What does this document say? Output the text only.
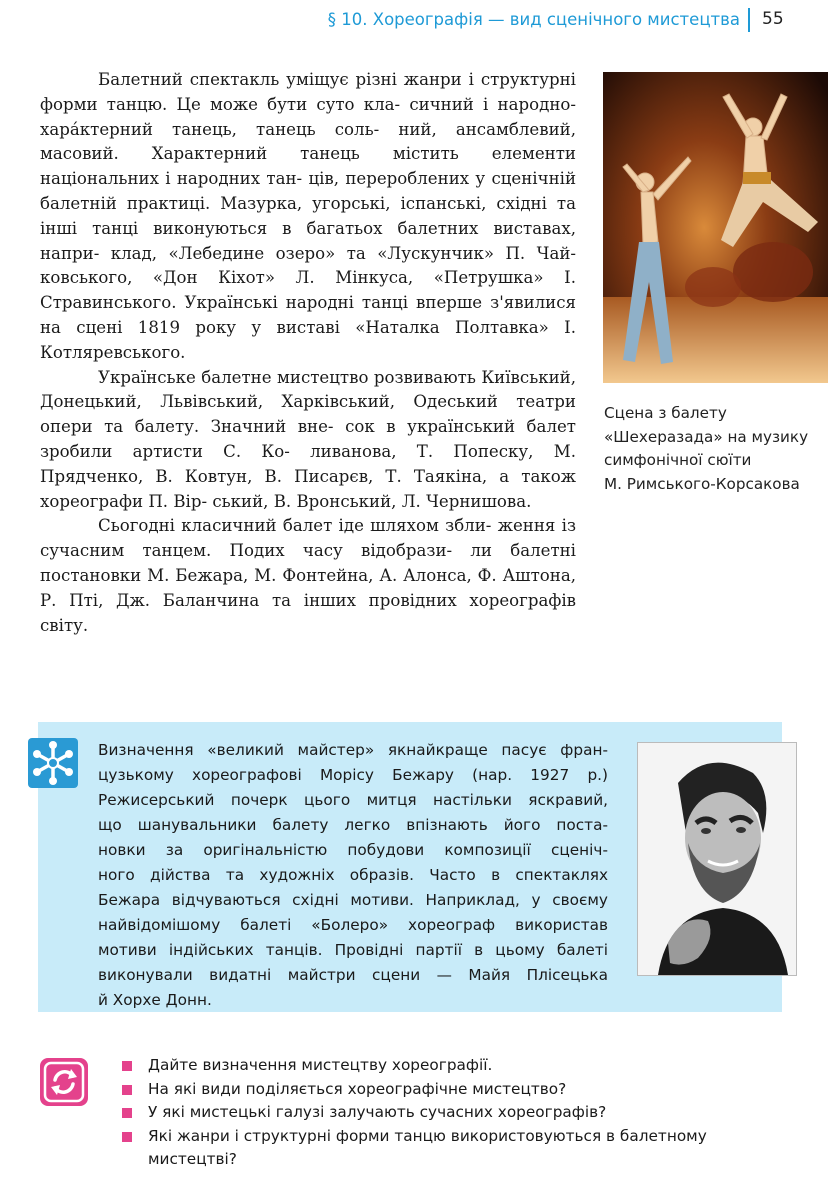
§ 10. Хореографія — вид сценічного мистецтва 55

Балетний спектакль уміщує різні жанри і структурні форми танцю. Це може бути суто кла- сичний і народно-хара́ктерний танець, танець соль- ний, ансамблевий, масовий. Характерний танець містить елементи національних і народних тан- ців, перероблених у сценічній балетній практиці. Мазурка, угорські, іспанські, східні та інші танці виконуються в багатьох балетних виставах, напри- клад, «Лебедине озеро» та «Лускунчик» П. Чай- ковського, «Дон Кіхот» Л. Мінкуса, «Петрушка» І. Стравинського. Українські народні танці вперше з'явилися на сцені 1819 року у виставі «Наталка Полтавка» І. Котляревського.

Українське балетне мистецтво розвивають Київський, Донецький, Львівський, Харківський, Одеський театри опери та балету. Значний вне- сок в український балет зробили артисти С. Ко- ливанова, Т. Попеску, М. Прядченко, В. Ковтун, В. Писарєв, Т. Таякіна, а також хореографи П. Вір- ський, В. Вронський, Л. Чернишова.

Сьогодні класичний балет іде шляхом збли- ження із сучасним танцем. Подих часу відобрази- ли балетні постановки М. Бежара, М. Фонтейна, А. Алонса, Ф. Аштона, Р. Пті, Дж. Баланчина та інших провідних хореографів світу.

Сцена з балету
«Шехеразада» на музику
симфонічної сюїти
М. Римського-Корсакова
Визначення «великий майстер» якнайкраще пасує фран-
цузькому хореографові Морісу Бежару (нар. 1927 р.)
Режисерський почерк цього митця настільки яскравий,
що шанувальники балету легко впізнають його поста-
новки за оригінальністю побудови композиції сценіч-
ного дійства та художніх образів. Часто в спектаклях
Бежара відчуваються східні мотиви. Наприклад, у своєму
найвідомішому балеті «Болеро» хореограф використав
мотиви індійських танців. Провідні партії в цьому балеті
виконували видатні майстри сцени — Майя Плісецька
й Хорхе Донн.
Дайте визначення мистецтву хореографії.
На які види поділяється хореографічне мистецтво?
У які мистецькі галузі залучають сучасних хореографів?
Які жанри і структурні форми танцю використовуються в балетному мистецтві?
